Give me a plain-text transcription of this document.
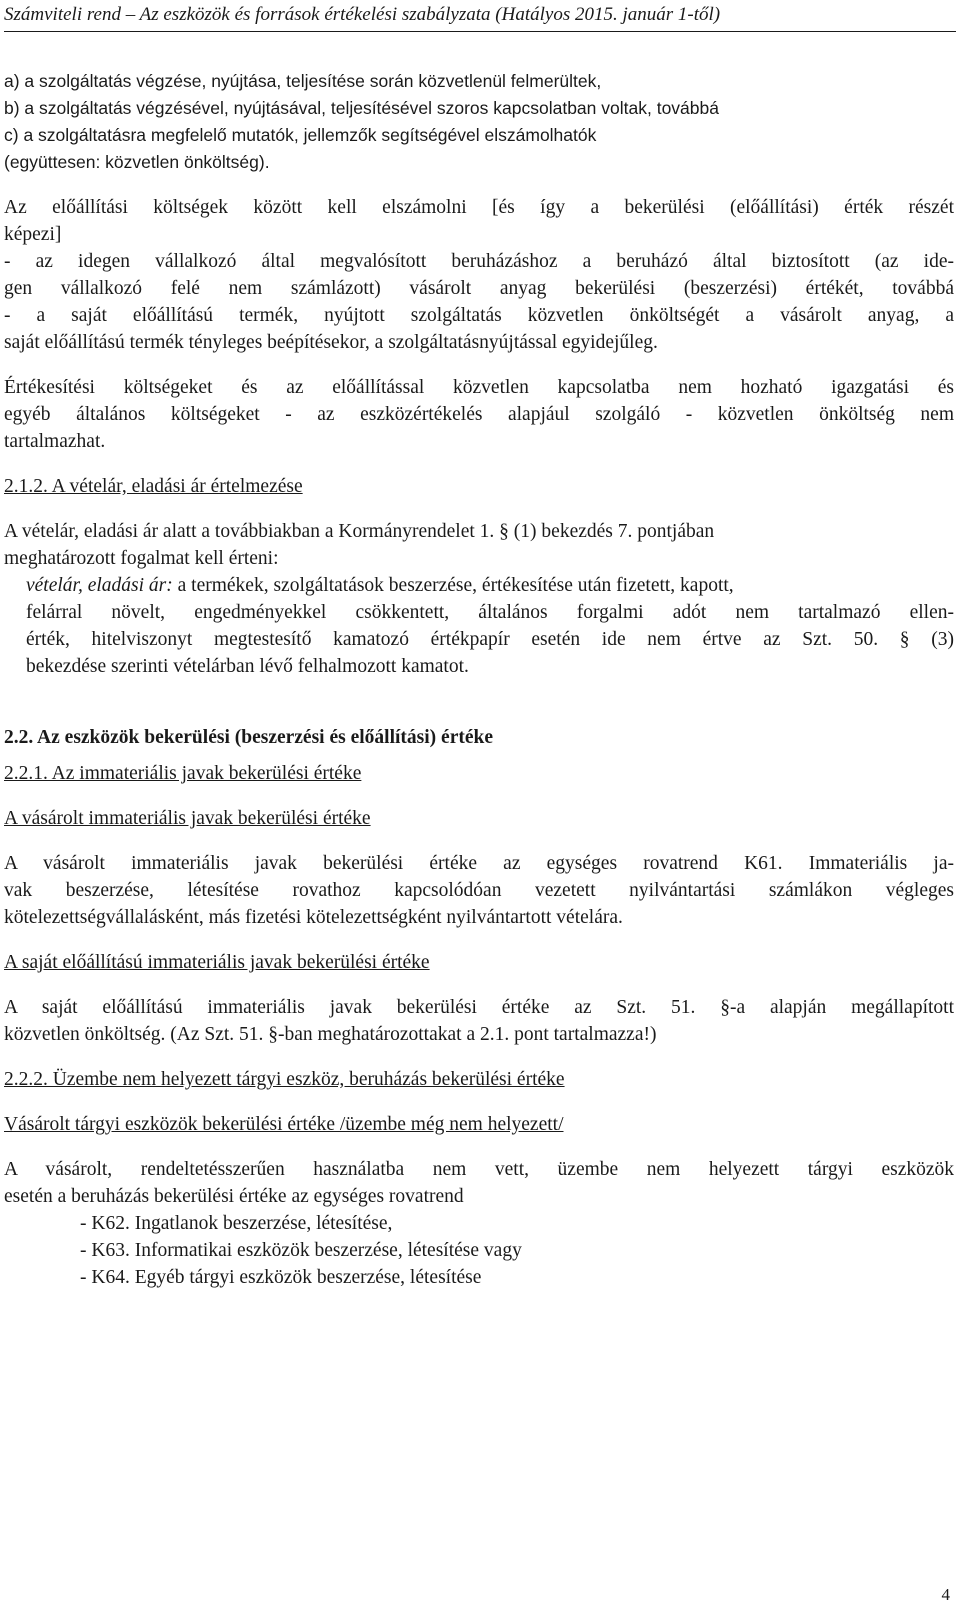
Számviteli rend – Az eszközök és források értékelési szabályzata (Hatályos 2015. január 1-től)
a) a szolgáltatás végzése, nyújtása, teljesítése során közvetlenül felmerültek,
b) a szolgáltatás végzésével, nyújtásával, teljesítésével szoros kapcsolatban voltak, továbbá
c) a szolgáltatásra megfelelő mutatók, jellemzők segítségével elszámolhatók
(együttesen: közvetlen önköltség).
Az előállítási költségek között kell elszámolni [és így a bekerülési (előállítási) érték részét
képezi]
- az idegen vállalkozó által megvalósított beruházáshoz a beruházó által biztosított (az ide-
gen vállalkozó felé nem számlázott) vásárolt anyag bekerülési (beszerzési) értékét, továbbá
- a saját előállítású termék, nyújtott szolgáltatás közvetlen önköltségét a vásárolt anyag, a
saját előállítású termék tényleges beépítésekor, a szolgáltatásnyújtással egyidejűleg.
Értékesítési költségeket és az előállítással közvetlen kapcsolatba nem hozható igazgatási és
egyéb általános költségeket - az eszközértékelés alapjául szolgáló - közvetlen önköltség nem
tartalmazhat.
2.1.2. A vételár, eladási ár értelmezése
A vételár, eladási ár alatt a továbbiakban a Kormányrendelet 1. § (1) bekezdés 7. pontjában
meghatározott fogalmat kell érteni:
vételár, eladási ár: a termékek, szolgáltatások beszerzése, értékesítése után fizetett, kapott,
felárral növelt, engedményekkel csökkentett, általános forgalmi adót nem tartalmazó ellen-
érték, hitelviszonyt megtestesítő kamatozó értékpapír esetén ide nem értve az Szt. 50. § (3)
bekezdése szerinti vételárban lévő felhalmozott kamatot.
2.2. Az eszközök bekerülési (beszerzési és előállítási) értéke
2.2.1. Az immateriális javak bekerülési értéke
A vásárolt immateriális javak bekerülési értéke
A vásárolt immateriális javak bekerülési értéke az egységes rovatrend K61. Immateriális ja-
vak beszerzése, létesítése rovathoz kapcsolódóan vezetett nyilvántartási számlákon végleges
kötelezettségvállalásként, más fizetési kötelezettségként nyilvántartott vételára.
A saját előállítású immateriális javak bekerülési értéke
A saját előállítású immateriális javak bekerülési értéke az Szt. 51. §-a alapján megállapított
közvetlen önköltség. (Az Szt. 51. §-ban meghatározottakat a 2.1. pont tartalmazza!)
2.2.2. Üzembe nem helyezett tárgyi eszköz, beruházás bekerülési értéke
Vásárolt tárgyi eszközök bekerülési értéke /üzembe még nem helyezett/
A vásárolt, rendeltetésszerűen használatba nem vett, üzembe nem helyezett tárgyi eszközök
esetén a beruházás bekerülési értéke az egységes rovatrend
- K62. Ingatlanok beszerzése, létesítése,
- K63. Informatikai eszközök beszerzése, létesítése vagy
- K64. Egyéb tárgyi eszközök beszerzése, létesítése
4
